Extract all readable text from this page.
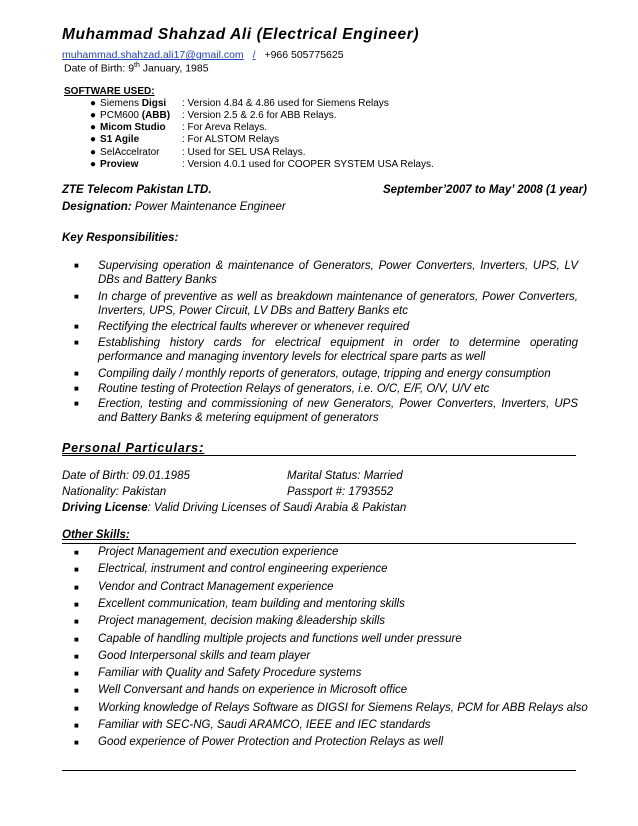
Muhammad Shahzad Ali (Electrical Engineer)
muhammad.shahzad.ali17@gmail.com / +966 505775625
Date of Birth: 9th January, 1985
SOFTWARE USED:
● Siemens Digsi : Version 4.84 & 4.86 used for Siemens Relays
● PCM600 (ABB) : Version 2.5 & 2.6 for ABB Relays.
● Micom Studio : For Areva Relays.
● S1 Agile	: For ALSTOM Relays
● SelAccelrator : Used for SEL USA Relays.
● Proview	: Version 4.0.1 used for COOPER SYSTEM USA Relays.
ZTE Telecom Pakistan LTD.	September’2007 to May’ 2008 (1 year)
Designation: Power Maintenance Engineer
Key Responsibilities:
■ Supervising operation & maintenance of Generators, Power Converters, Inverters, UPS, LV DBs and Battery Banks
■ In charge of preventive as well as breakdown maintenance of generators, Power Converters, Inverters, UPS, Power Circuit, LV DBs and Battery Banks etc
■ Rectifying the electrical faults wherever or whenever required
■ Establishing history cards for electrical equipment in order to determine operating performance and managing inventory levels for electrical spare parts as well
■ Compiling daily / monthly reports of generators, outage, tripping and energy consumption
■ Routine testing of Protection Relays of generators, i.e. O/C, E/F, O/V, U/V etc
■ Erection, testing and commissioning of new Generators, Power Converters, Inverters, UPS and Battery Banks & metering equipment of generators
Personal Particulars:
Date of Birth: 09.01.1985	Marital Status: Married
Nationality: Pakistan	Passport #: 1793552
Driving License: Valid Driving Licenses of Saudi Arabia & Pakistan
Other Skills:
■ Project Management and execution experience
■ Electrical, instrument and control engineering experience
■ Vendor and Contract Management experience
■ Excellent communication, team building and mentoring skills
■ Project management, decision making &leadership skills
■ Capable of handling multiple projects and functions well under pressure
■ Good Interpersonal skills and team player
■ Familiar with Quality and Safety Procedure systems
■ Well Conversant and hands on experience in Microsoft office
■ Working knowledge of Relays Software as DIGSI for Siemens Relays, PCM for ABB Relays also
■ Familiar with SEC-NG, Saudi ARAMCO, IEEE and IEC standards
■ Good experience of Power Protection and Protection Relays as well
